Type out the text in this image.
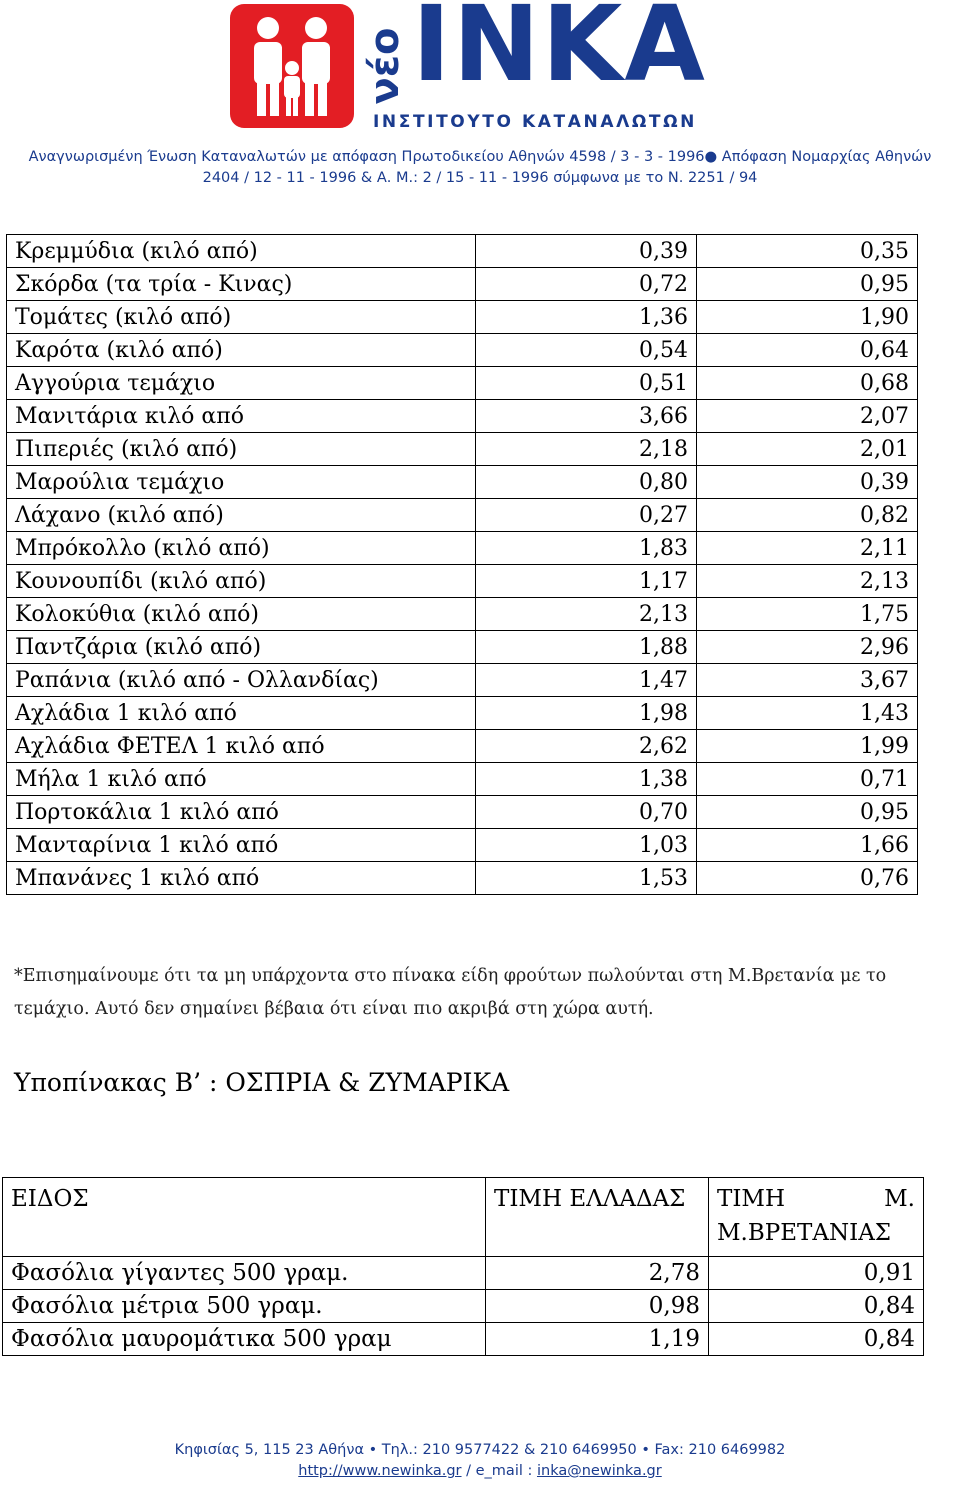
νέο INKA
ΙΝΣΤΙΤΟΥΤΟ ΚΑΤΑΝΑΛΩΤΩΝ
Αναγνωρισμένη Ένωση Καταναλωτών με απόφαση Πρωτοδικείου Αθηνών 4598 / 3 - 3 - 1996● Απόφαση Νομαρχίας Αθηνών
2404 / 12 - 11 - 1996 & Α. Μ.: 2 / 15 - 11 - 1996 σύμφωνα με το Ν. 2251 / 94
Κρεμμύδια (κιλό από)	0,39	0,35
Σκόρδα (τα τρία - Κινας)	0,72	0,95
Τομάτες (κιλό από)	1,36	1,90
Καρότα (κιλό από)	0,54	0,64
Αγγούρια τεμάχιο	0,51	0,68
Μανιτάρια κιλό από	3,66	2,07
Πιπεριές (κιλό από)	2,18	2,01
Μαρούλια τεμάχιο	0,80	0,39
Λάχανο (κιλό από)	0,27	0,82
Μπρόκολλο (κιλό από)	1,83	2,11
Κουνουπίδι (κιλό από)	1,17	2,13
Κολοκύθια (κιλό από)	2,13	1,75
Παντζάρια (κιλό από)	1,88	2,96
Ραπάνια (κιλό από - Ολλανδίας)	1,47	3,67
Αχλάδια 1 κιλό από	1,98	1,43
Αχλάδια ΦΕΤΕΛ 1 κιλό από	2,62	1,99
Μήλα 1 κιλό από	1,38	0,71
Πορτοκάλια 1 κιλό από	0,70	0,95
Μανταρίνια 1 κιλό από	1,03	1,66
Μπανάνες 1 κιλό από	1,53	0,76
*Επισημαίνουμε ότι τα μη υπάρχοντα στο πίνακα είδη φρούτων πωλούνται στη Μ.Βρετανία με το τεμάχιο. Αυτό δεν σημαίνει βέβαια ότι είναι πιο ακριβά στη χώρα αυτή.
Υποπίνακας Β’ : ΟΣΠΡΙΑ & ΖΥΜΑΡΙΚΑ
ΕΙΔΟΣ	ΤΙΜΗ ΕΛΛΑΔΑΣ	ΤΙΜΗ Μ. Μ.ΒΡΕΤΑΝΙΑΣ
Φασόλια γίγαντες 500 γραμ.	2,78	0,91
Φασόλια μέτρια 500 γραμ.	0,98	0,84
Φασόλια μαυρομάτικα 500 γραμ	1,19	0,84
Κηφισίας 5, 115 23 Αθήνα • Τηλ.: 210 9577422 & 210 6469950 • Fax: 210 6469982
http://www.newinka.gr / e_mail : inka@newinka.gr
